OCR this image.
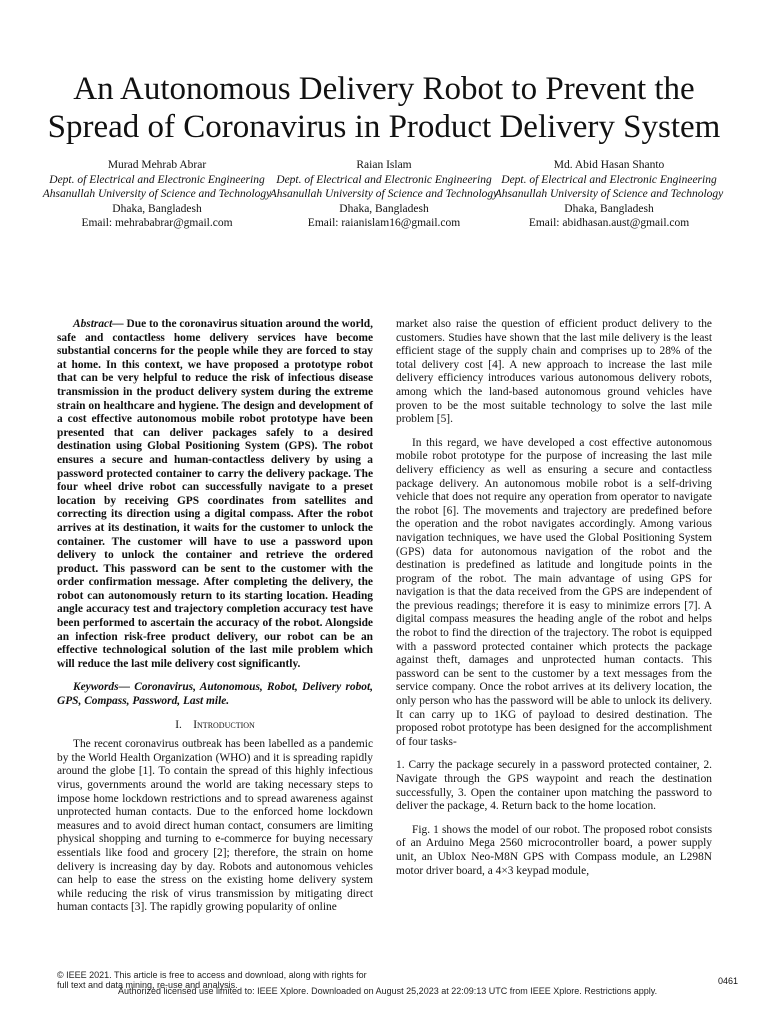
An Autonomous Delivery Robot to Prevent the
Spread of Coronavirus in Product Delivery System
Murad Mehrab Abrar
Dept. of Electrical and Electronic Engineering
Ahsanullah University of Science and Technology
Dhaka, Bangladesh
Email: mehrababrar@gmail.com
Raian Islam
Dept. of Electrical and Electronic Engineering
Ahsanullah University of Science and Technology
Dhaka, Bangladesh
Email: raianislam16@gmail.com
Md. Abid Hasan Shanto
Dept. of Electrical and Electronic Engineering
Ahsanullah University of Science and Technology
Dhaka, Bangladesh
Email: abidhasan.aust@gmail.com

Abstract— Due to the coronavirus situation around the world, safe and contactless home delivery services have become substantial concerns for the people while they are forced to stay at home. In this context, we have proposed a prototype robot that can be very helpful to reduce the risk of infectious disease transmission in the product delivery system during the extreme strain on healthcare and hygiene. The design and development of a cost effective autonomous mobile robot prototype have been presented that can deliver packages safely to a desired destination using Global Positioning System (GPS). The robot ensures a secure and human-contactless delivery by using a password protected container to carry the delivery package. The four wheel drive robot can successfully navigate to a preset location by receiving GPS coordinates from satellites and correcting its direction using a digital compass. After the robot arrives at its destination, it waits for the customer to unlock the container. The customer will have to use a password upon delivery to unlock the container and retrieve the ordered product. This password can be sent to the customer with the order confirmation message. After completing the delivery, the robot can autonomously return to its starting location. Heading angle accuracy test and trajectory completion accuracy test have been performed to ascertain the accuracy of the robot. Alongside an infection risk-free product delivery, our robot can be an effective technological solution of the last mile problem which will reduce the last mile delivery cost significantly.

Keywords— Coronavirus, Autonomous, Robot, Delivery robot, GPS, Compass, Password, Last mile.

I. Introduction

The recent coronavirus outbreak has been labelled as a pandemic by the World Health Organization (WHO) and it is spreading rapidly around the globe [1]. To contain the spread of this highly infectious virus, governments around the world are taking necessary steps to impose home lockdown restrictions and to spread awareness against unprotected human contacts. Due to the enforced home lockdown measures and to avoid direct human contact, consumers are limiting physical shopping and turning to e-commerce for buying necessary essentials like food and grocery [2]; therefore, the strain on home delivery is increasing day by day. Robots and autonomous vehicles can help to ease the stress on the existing home delivery system while reducing the risk of virus transmission by mitigating direct human contacts [3]. The rapidly growing popularity of online

market also raise the question of efficient product delivery to the customers. Studies have shown that the last mile delivery is the least efficient stage of the supply chain and comprises up to 28% of the total delivery cost [4]. A new approach to increase the last mile delivery efficiency introduces various autonomous delivery robots, among which the land-based autonomous ground vehicles have proven to be the most suitable technology to solve the last mile problem [5].

In this regard, we have developed a cost effective autonomous mobile robot prototype for the purpose of increasing the last mile delivery efficiency as well as ensuring a secure and contactless package delivery. An autonomous mobile robot is a self-driving vehicle that does not require any operation from operator to navigate the robot [6]. The movements and trajectory are predefined before the operation and the robot navigates accordingly. Among various navigation techniques, we have used the Global Positioning System (GPS) data for autonomous navigation of the robot and the destination is predefined as latitude and longitude points in the program of the robot. The main advantage of using GPS for navigation is that the data received from the GPS are independent of the previous readings; therefore it is easy to minimize errors [7]. A digital compass measures the heading angle of the robot and helps the robot to find the direction of the trajectory. The robot is equipped with a password protected container which protects the package against theft, damages and unprotected human contacts. This password can be sent to the customer by a text messages from the service company. Once the robot arrives at its delivery location, the only person who has the password will be able to unlock its delivery. It can carry up to 1KG of payload to desired destination. The proposed robot prototype has been designed for the accomplishment of four tasks-

1. Carry the package securely in a password protected container, 2. Navigate through the GPS waypoint and reach the destination successfully, 3. Open the container upon matching the password to deliver the package, 4. Return back to the home location.

Fig. 1 shows the model of our robot. The proposed robot consists of an Arduino Mega 2560 microcontroller board, a power supply unit, an Ublox Neo-M8N GPS with Compass module, an L298N motor driver board, a 4×3 keypad module,

© IEEE 2021. This article is free to access and download, along with rights for
full text and data mining, re-use and analysis.
Authorized licensed use limited to: IEEE Xplore. Downloaded on August 25,2023 at 22:09:13 UTC from IEEE Xplore. Restrictions apply.
0461
